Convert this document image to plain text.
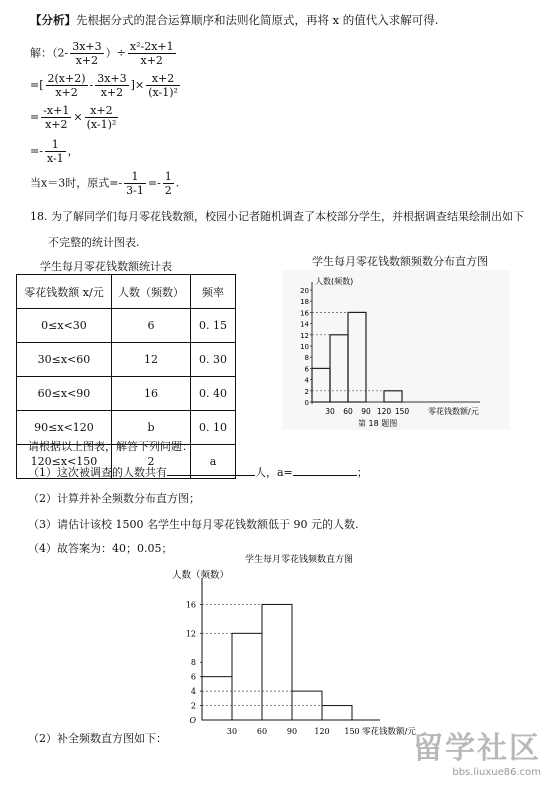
【分析】先根据分式的混合运算顺序和法则化简原式，再将 x 的值代入求解可得.
解：（$2- \frac{3x+3}{x+2}$ ）÷ $\frac{\text{x²-2x+1}}{x+2}$
=[ $\frac{2(x+2)}{x+2} - \frac{3x+3}{x+2}$ ]× $\frac{x+2}{\text{(x-1)²}}$
= $\frac{-x+1}{x+2} \times \frac{x+2}{\text{(x-1)²}}$
=- $\frac{1}{x-1}$ ，
当x＝3时，原式=- $\frac{1}{3-1} =- \frac{1}{2}$ .
18. 为了解同学们每月零花钱数额，校园小记者随机调查了本校部分学生，并根据调查结果绘制出如下
不完整的统计图表.
学生每月零花钱数额统计表	学生每月零花钱数额频数分布直方图
零花钱数额 x/元	人数（频数）	频率
0≤x<30	6	0. 15
30≤x<60	12	0. 30
60≤x<90	16	0. 40
90≤x<120	b	0. 10
120≤x<150	2	a
人数(频数)
20
18
16
14
12
10
8
6
4
2
0
30 60 90 120 150 零花钱数额/元
第 18 题图
请根据以上图表，解答下列问题：
（1）这次被调查的人数共有	人，a=	；
（2）计算并补全频数分布直方图；
（3）请估计该校 1500 名学生中每月零花钱数额低于 90 元的人数.
（4）故答案为：40；0.05；
学生每月零花钱频数直方图
人数（频数）
16
12
8
6
4
2
O
30 60 90 120 150 零花钱数额/元
（2）补全频数直方图如下：	留学社区
bbs.liuxue86.com
